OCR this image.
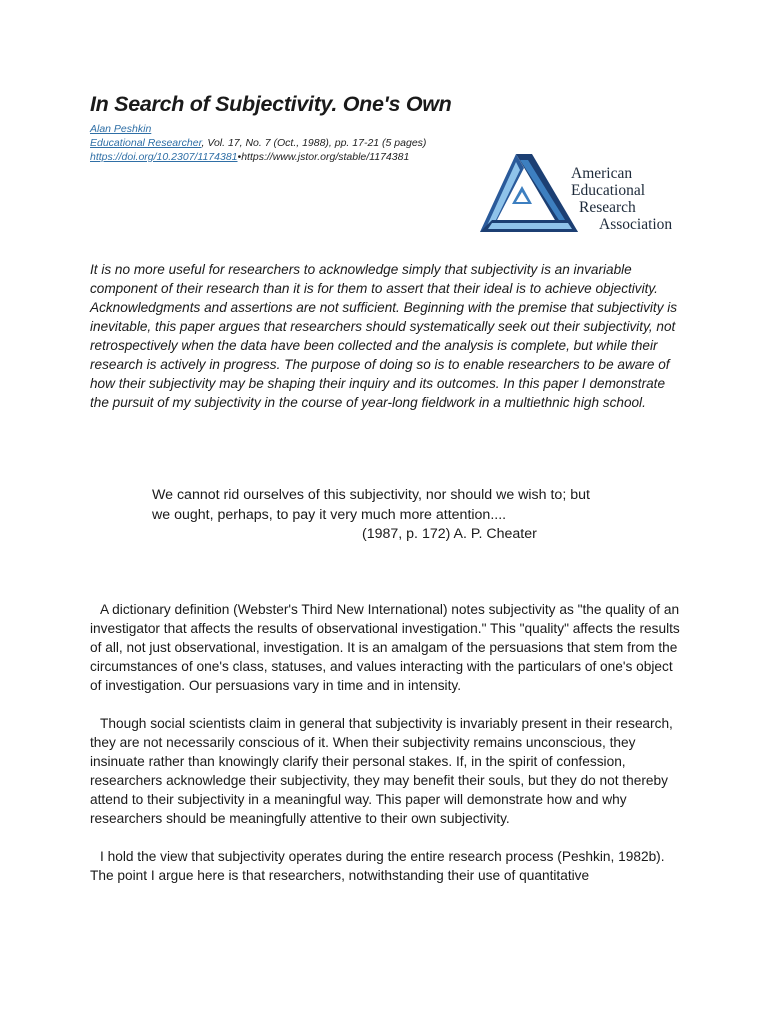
In Search of Subjectivity. One's Own
Alan Peshkin
Educational Researcher, Vol. 17, No. 7 (Oct., 1988), pp. 17-21 (5 pages)
https://doi.org/10.2307/1174381•https://www.jstor.org/stable/1174381
American
Educational
Research
Association
It is no more useful for researchers to acknowledge simply that subjectivity is an invariable component of their research than it is for them to assert that their ideal is to achieve objectivity. Acknowledgments and assertions are not sufficient. Beginning with the premise that subjectivity is inevitable, this paper argues that researchers should systematically seek out their subjectivity, not retrospectively when the data have been collected and the analysis is complete, but while their research is actively in progress. The purpose of doing so is to enable researchers to be aware of how their subjectivity may be shaping their inquiry and its outcomes. In this paper I demonstrate the pursuit of my subjectivity in the course of year-long fieldwork in a multiethnic high school.
We cannot rid ourselves of this subjectivity, nor should we wish to; but we ought, perhaps, to pay it very much more attention....
(1987, p. 172) A. P. Cheater

A dictionary definition (Webster's Third New International) notes subjectivity as "the quality of an investigator that affects the results of observational investigation." This "quality" affects the results of all, not just observational, investigation. It is an amalgam of the persuasions that stem from the circumstances of one's class, statuses, and values interacting with the particulars of one's object of investigation. Our persuasions vary in time and in intensity.

Though social scientists claim in general that subjectivity is invariably present in their research, they are not necessarily conscious of it. When their subjectivity remains unconscious, they insinuate rather than knowingly clarify their personal stakes. If, in the spirit of confession, researchers acknowledge their subjectivity, they may benefit their souls, but they do not thereby attend to their subjectivity in a meaningful way. This paper will demonstrate how and why researchers should be meaningfully attentive to their own subjectivity.

I hold the view that subjectivity operates during the entire research process (Peshkin, 1982b). The point I argue here is that researchers, notwithstanding their use of quantitative
